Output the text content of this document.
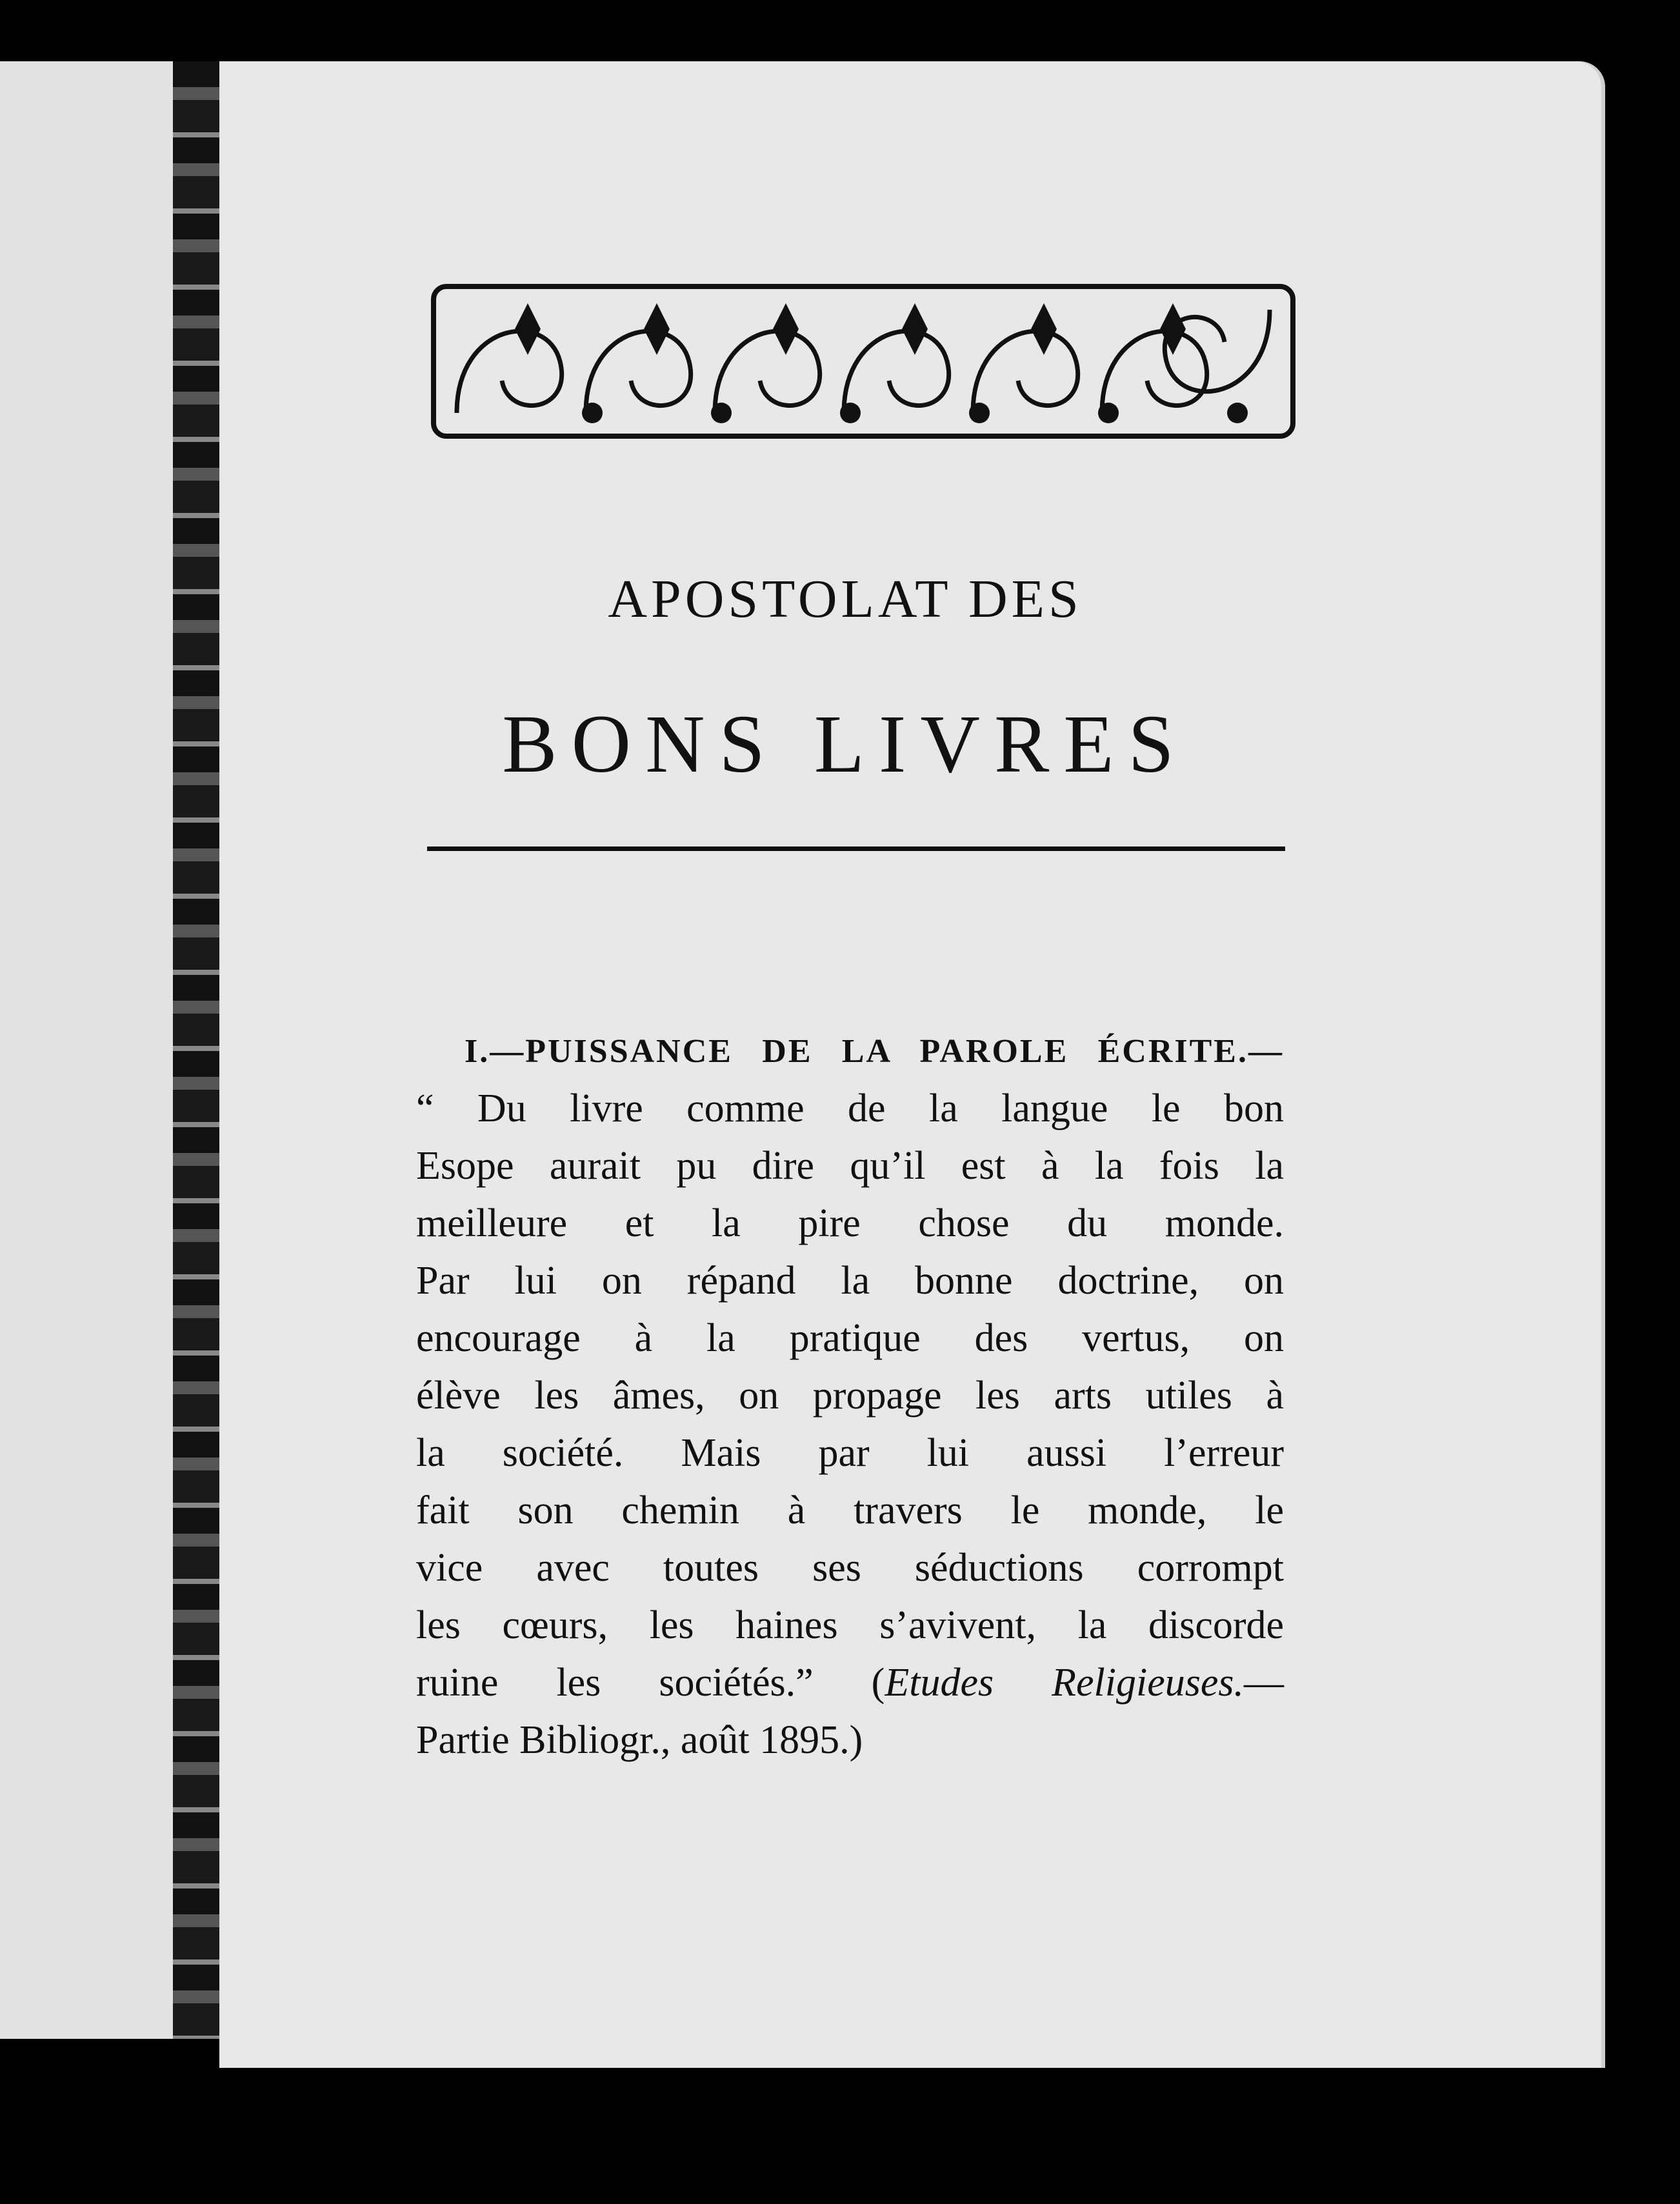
APOSTOLAT DES
BONS LIVRES
I.—PUISSANCE DE LA PAROLE ÉCRITE.—
“ Du livre comme de la langue le bon
Esope aurait pu dire qu’il est à la fois la
meilleure et la pire chose du monde.
Par lui on répand la bonne doctrine, on
encourage à la pratique des vertus, on
élève les âmes, on propage les arts utiles à
la société. Mais par lui aussi l’erreur
fait son chemin à travers le monde, le
vice avec toutes ses séductions corrompt
les cœurs, les haines s’avivent, la discorde
ruine les sociétés.” (Etudes Religieuses.—
Partie Bibliogr., août 1895.)
